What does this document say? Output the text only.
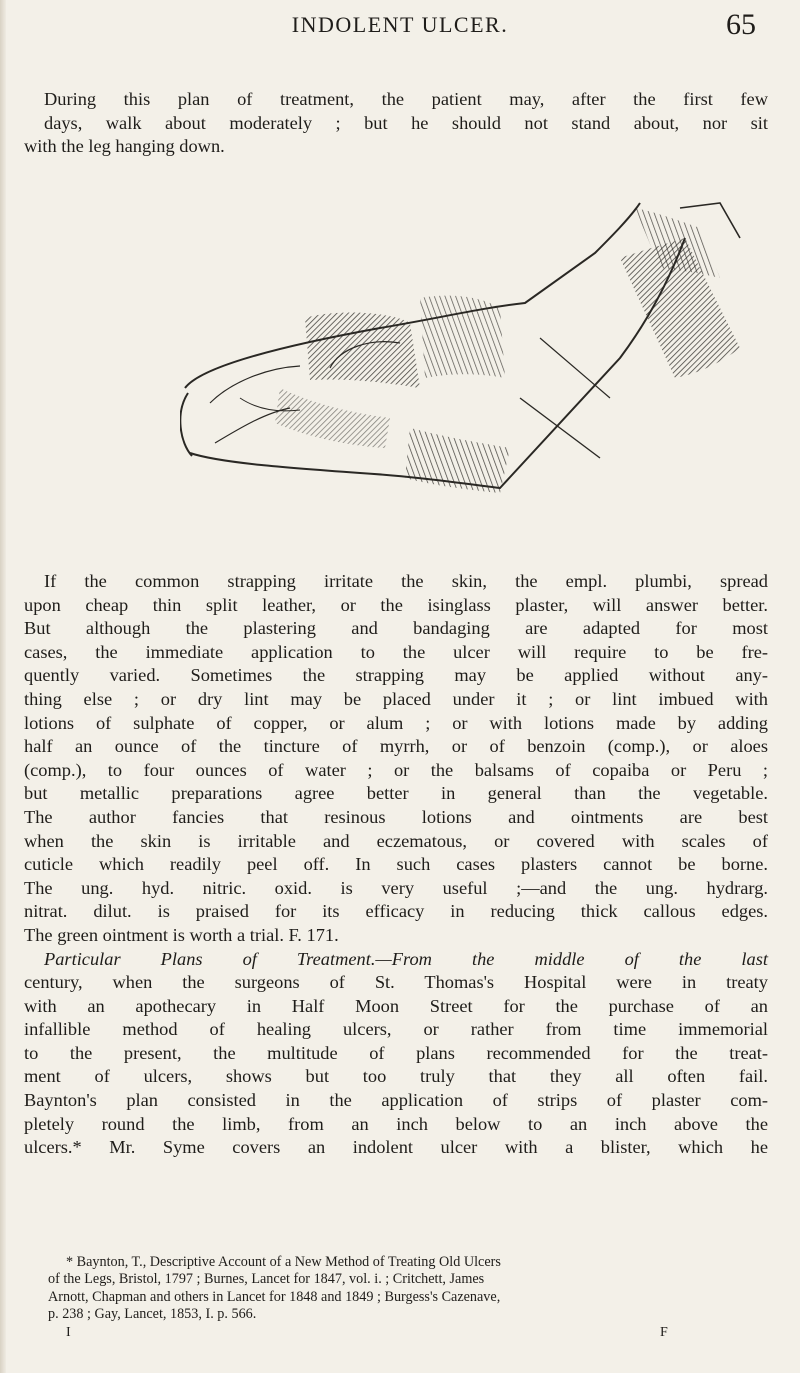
INDOLENT ULCER.	65
During this plan of treatment, the patient may, after the first few
days, walk about moderately ; but he should not stand about, nor sit
with the leg hanging down.
If the common strapping irritate the skin, the empl. plumbi, spread
upon cheap thin split leather, or the isinglass plaster, will answer better.
But although the plastering and bandaging are adapted for most
cases, the immediate application to the ulcer will require to be fre-
quently varied. Sometimes the strapping may be applied without any-
thing else ; or dry lint may be placed under it ; or lint imbued with
lotions of sulphate of copper, or alum ; or with lotions made by adding
half an ounce of the tincture of myrrh, or of benzoin (comp.), or aloes
(comp.), to four ounces of water ; or the balsams of copaiba or Peru ;
but metallic preparations agree better in general than the vegetable.
The author fancies that resinous lotions and ointments are best
when the skin is irritable and eczematous, or covered with scales of
cuticle which readily peel off. In such cases plasters cannot be borne.
The ung. hyd. nitric. oxid. is very useful ;—and the ung. hydrarg.
nitrat. dilut. is praised for its efficacy in reducing thick callous edges.
The green ointment is worth a trial. F. 171.
Particular Plans of Treatment.—From the middle of the last
century, when the surgeons of St. Thomas's Hospital were in treaty
with an apothecary in Half Moon Street for the purchase of an
infallible method of healing ulcers, or rather from time immemorial
to the present, the multitude of plans recommended for the treat-
ment of ulcers, shows but too truly that they all often fail.
Baynton's plan consisted in the application of strips of plaster com-
pletely round the limb, from an inch below to an inch above the
ulcers.* Mr. Syme covers an indolent ulcer with a blister, which he
* Baynton, T., Descriptive Account of a New Method of Treating Old Ulcers
of the Legs, Bristol, 1797 ; Burnes, Lancet for 1847, vol. i. ; Critchett, James
Arnott, Chapman and others in Lancet for 1848 and 1849 ; Burgess's Cazenave,
p. 238 ; Gay, Lancet, 1853, I. p. 566.
I	F
